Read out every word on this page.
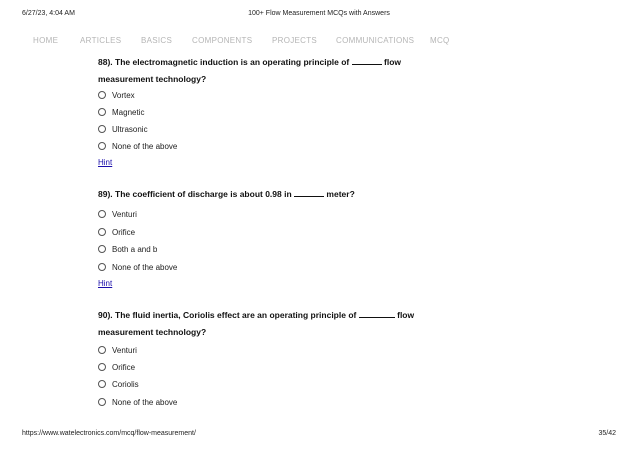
6/27/23, 4:04 AM	100+ Flow Measurement MCQs with Answers
HOME	ARTICLES BASICS COMPONENTS PROJECTS COMMUNICATIONS MCQ
88). The electromagnetic induction is an operating principle of	flow measurement technology?
Vortex
Magnetic
Ultrasonic
None of the above
Hint
89). The coefficient of discharge is about 0.98 in	meter?
Venturi
Orifice
Both a and b
None of the above
Hint
90). The fluid inertia, Coriolis effect are an operating principle of	flow measurement technology?
Venturi
Orifice
Coriolis
None of the above
https://www.watelectronics.com/mcq/flow-measurement/	35/42
